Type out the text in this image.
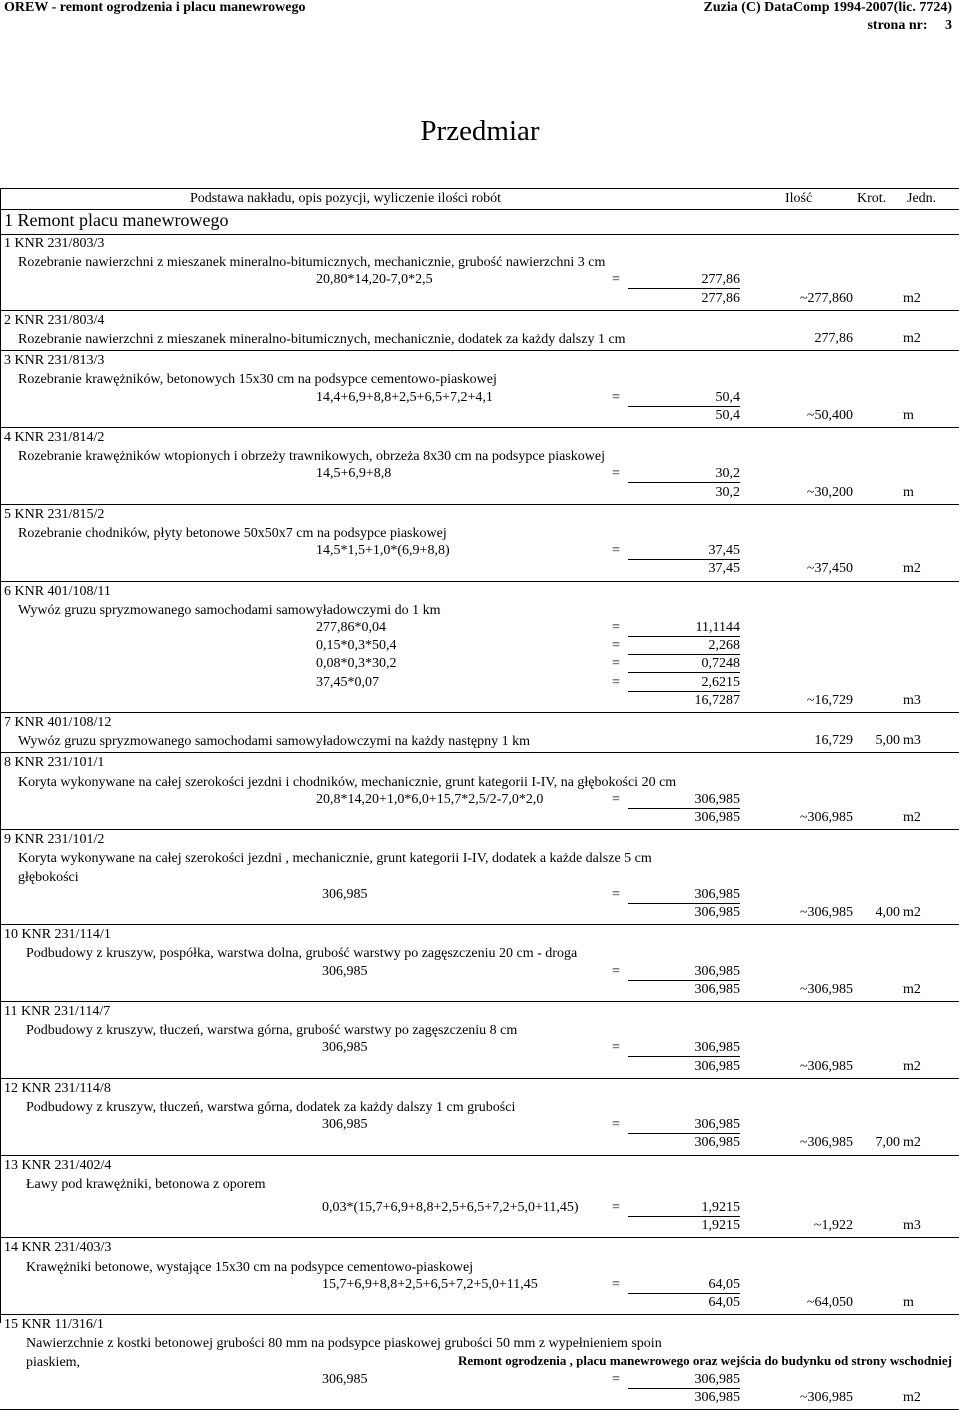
OREW - remont ogrodzenia i placu manewrowego	Zuzia (C) DataComp 1994-2007(lic. 7724)
strona nr: 3
Przedmiar
Podstawa nakładu, opis pozycji, wyliczenie ilości robót	Ilość	Krot. Jedn.
1 Remont placu manewrowego
1 KNR 231/803/3
Rozebranie nawierzchni z mieszanek mineralno-bitumicznych, mechanicznie, grubość nawierzchni 3 cm
20,80*14,20-7,0*2,5	=	277,86
277,86	~277,860	m2
2 KNR 231/803/4
Rozebranie nawierzchni z mieszanek mineralno-bitumicznych, mechanicznie, dodatek za każdy dalszy 1 cm	277,86	m2
3 KNR 231/813/3
Rozebranie krawężników, betonowych 15x30 cm na podsypce cementowo-piaskowej
14,4+6,9+8,8+2,5+6,5+7,2+4,1	=	50,4
50,4	~50,400	m
4 KNR 231/814/2
Rozebranie krawężników wtopionych i obrzeży trawnikowych, obrzeża 8x30 cm na podsypce piaskowej
14,5+6,9+8,8	=	30,2
30,2	~30,200	m
5 KNR 231/815/2
Rozebranie chodników, płyty betonowe 50x50x7 cm na podsypce piaskowej
14,5*1,5+1,0*(6,9+8,8)	=	37,45
37,45	~37,450	m2
6 KNR 401/108/11
Wywóz gruzu spryzmowanego samochodami samowyładowczymi do 1 km
277,86*0,04	=	11,1144
0,15*0,3*50,4	=	2,268
0,08*0,3*30,2	=	0,7248
37,45*0,07	=	2,6215
16,7287	~16,729	m3
7 KNR 401/108/12
Wywóz gruzu spryzmowanego samochodami samowyładowczymi na każdy następny 1 km	16,729 5,00 m3
8 KNR 231/101/1
Koryta wykonywane na całej szerokości jezdni i chodników, mechanicznie, grunt kategorii I-IV, na głębokości 20 cm
20,8*14,20+1,0*6,0+15,7*2,5/2-7,0*2,0	=	306,985
306,985	~306,985	m2
9 KNR 231/101/2
Koryta wykonywane na całej szerokości jezdni , mechanicznie, grunt kategorii I-IV, dodatek a każde dalsze 5 cm
głębokości
306,985	=	306,985
306,985	~306,985 4,00 m2
10 KNR 231/114/1
Podbudowy z kruszyw, pospółka, warstwa dolna, grubość warstwy po zagęszczeniu 20 cm - droga
306,985	=	306,985
306,985	~306,985	m2
11 KNR 231/114/7
Podbudowy z kruszyw, tłuczeń, warstwa górna, grubość warstwy po zagęszczeniu 8 cm
306,985	=	306,985
306,985	~306,985	m2
12 KNR 231/114/8
Podbudowy z kruszyw, tłuczeń, warstwa górna, dodatek za każdy dalszy 1 cm grubości
306,985	=	306,985
306,985	~306,985 7,00 m2
13 KNR 231/402/4
Ławy pod krawężniki, betonowa z oporem
0,03*(15,7+6,9+8,8+2,5+6,5+7,2+5,0+11,45) =	1,9215
1,9215	~1,922	m3
14 KNR 231/403/3
Krawężniki betonowe, wystające 15x30 cm na podsypce cementowo-piaskowej
15,7+6,9+8,8+2,5+6,5+7,2+5,0+11,45	=	64,05
64,05	~64,050	m
15 KNR 11/316/1
Nawierzchnie z kostki betonowej grubości 80 mm na podsypce piaskowej grubości 50 mm z wypełnieniem spoin
piaskiem,
306,985	=	306,985
306,985	~306,985	m2
Remont ogrodzenia , placu manewrowego oraz wejścia do budynku od strony wschodniej
